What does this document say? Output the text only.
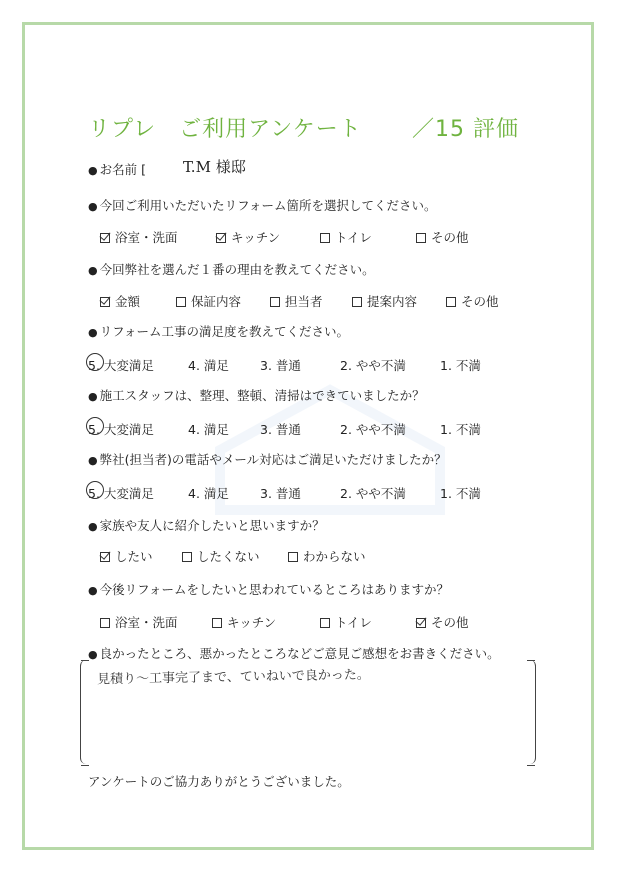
リプレ　ご利用アンケート ／15 評価
● お名前 [ T.M 様邸
● 今回ご利用いただいたリフォーム箇所を選択してください。
浴室・洗面	キッチン	トイレ	その他
● 今回弊社を選んだ１番の理由を教えてください。
金額	保証内容	担当者	提案内容	その他
● リフォーム工事の満足度を教えてください。
5. 大変満足	4. 満足 3. 普通	2. やや不満	1. 不満
● 施工スタッフは、整理、整頓、清掃はできていましたか？
5. 大変満足	4. 満足 3. 普通	2. やや不満	1. 不満
● 弊社(担当者)の電話やメール対応はご満足いただけましたか？
5. 大変満足	4. 満足 3. 普通	2. やや不満	1. 不満
● 家族や友人に紹介したいと思いますか？
したい	したくない	わからない
● 今後リフォームをしたいと思われているところはありますか？
浴室・洗面	キッチン	トイレ	その他
● 良かったところ、悪かったところなどご意見ご感想をお書きください。
見積り〜工事完了まで、ていねいで良かった。
アンケートのご協力ありがとうございました。
